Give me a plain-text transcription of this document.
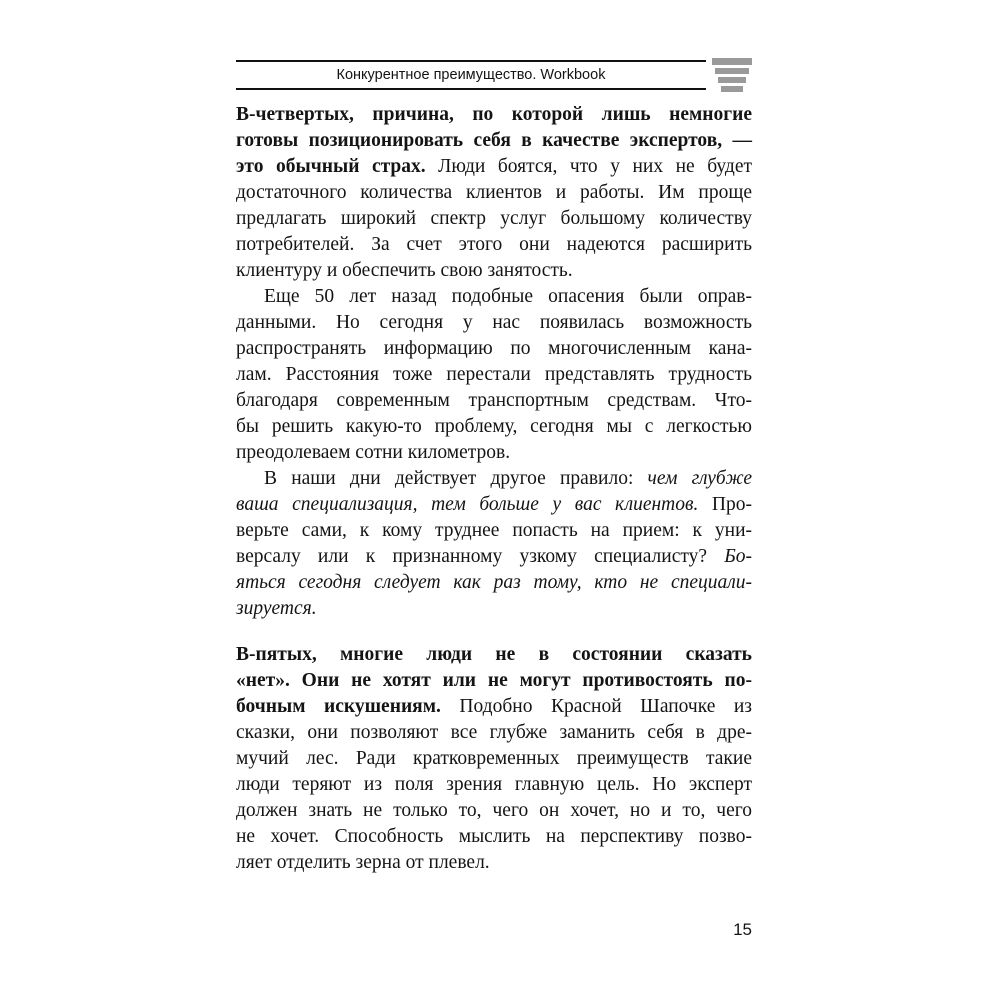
Конкурентное преимущество. Workbook
В-четвертых, причина, по которой лишь немногие
готовы позиционировать себя в качестве экспертов, —
это обычный страх. Люди боятся, что у них не будет
достаточного количества клиентов и работы. Им проще
предлагать широкий спектр услуг большому количеству
потребителей. За счет этого они надеются расширить
клиентуру и обеспечить свою занятость.
Еще 50 лет назад подобные опасения были оправ-
данными. Но сегодня у нас появилась возможность
распространять информацию по многочисленным кана-
лам. Расстояния тоже перестали представлять трудность
благодаря современным транспортным средствам. Что-
бы решить какую-то проблему, сегодня мы с легкостью
преодолеваем сотни километров.
В наши дни действует другое правило: чем глубже
ваша специализация, тем больше у вас клиентов. Про-
верьте сами, к кому труднее попасть на прием: к уни-
версалу или к признанному узкому специалисту? Бо-
яться сегодня следует как раз тому, кто не специали-
зируется.
В-пятых, многие люди не в состоянии сказать
«нет». Они не хотят или не могут противостоять по-
бочным искушениям. Подобно Красной Шапочке из
сказки, они позволяют все глубже заманить себя в дре-
мучий лес. Ради кратковременных преимуществ такие
люди теряют из поля зрения главную цель. Но эксперт
должен знать не только то, чего он хочет, но и то, чего
не хочет. Способность мыслить на перспективу позво-
ляет отделить зерна от плевел.
15
